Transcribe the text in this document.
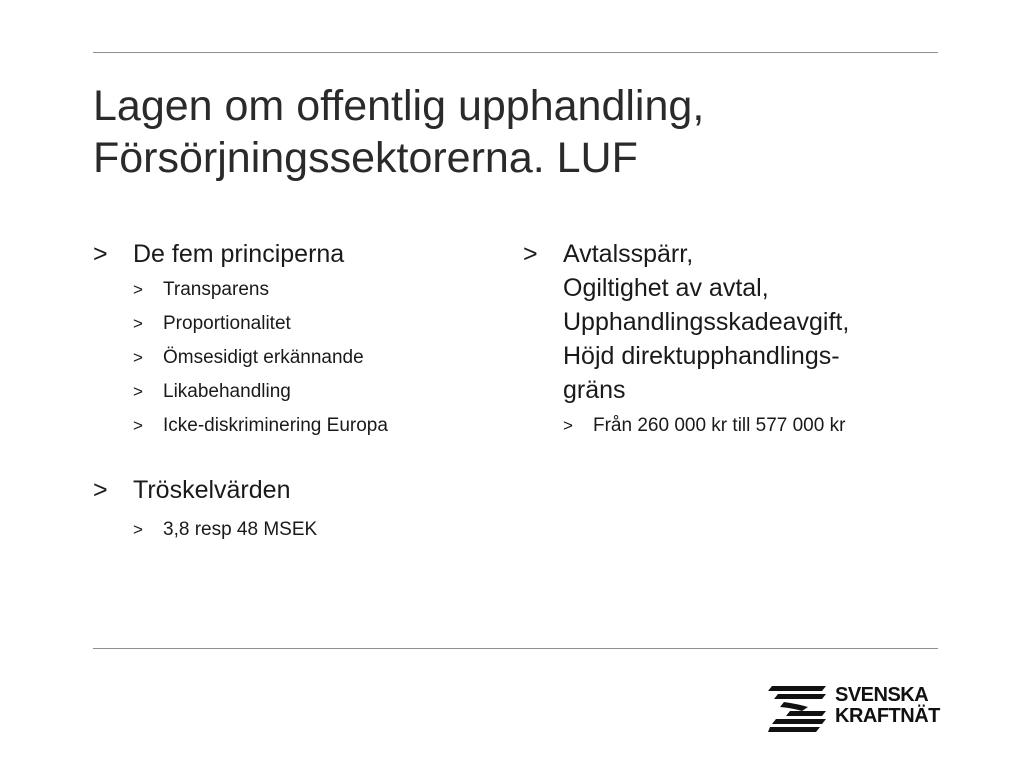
Lagen om offentlig upphandling,
Försörjningssektorerna. LUF
> De fem principerna
> Transparens
> Proportionalitet
> Ömsesidigt erkännande
> Likabehandling
> Icke-diskriminering Europa
> Tröskelvärden
> 3,8 resp 48 MSEK
> Avtalsspärr,
Ogiltighet av avtal,
Upphandlingsskadeavgift,
Höjd direktupphandlings-
gräns
> Från 260 000 kr till 577 000 kr
SVENSKA
KRAFTNÄT
